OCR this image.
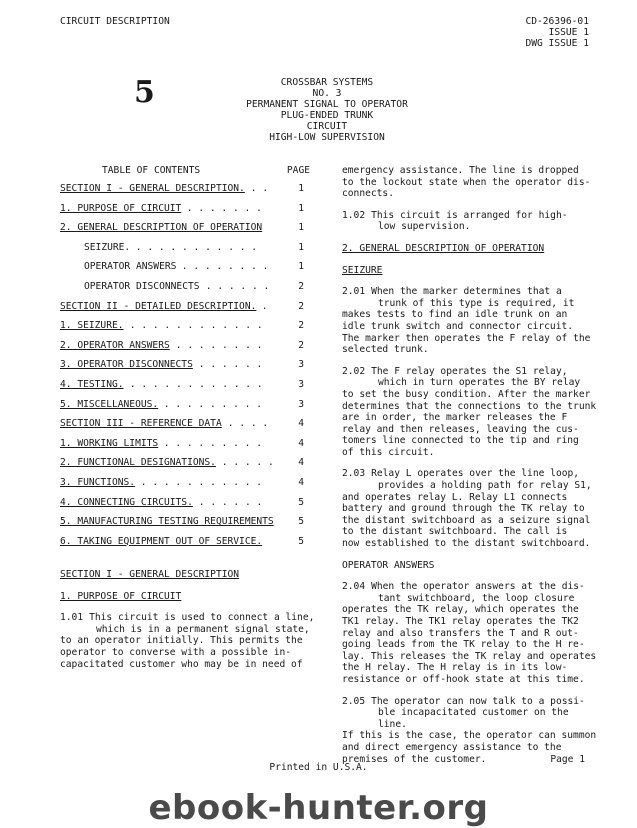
CIRCUIT DESCRIPTION	CD-26396-01
ISSUE 1
DWG ISSUE 1
5	CROSSBAR SYSTEMS
NO. 3
PERMANENT SIGNAL TO OPERATOR
PLUG-ENDED TRUNK
CIRCUIT
HIGH-LOW SUPERVISION
TABLE OF CONTENTS	PAGE
SECTION I - GENERAL DESCRIPTION. . .	1
1. PURPOSE OF CIRCUIT . . . . . . .	1
2. GENERAL DESCRIPTION OF OPERATION	1
SEIZURE. . . . . . . . . . . .	1
OPERATOR ANSWERS . . . . . . . .	1
OPERATOR DISCONNECTS . . . . . .	2
SECTION II - DETAILED DESCRIPTION. .	2
1. SEIZURE. . . . . . . . . . . . .	2
2. OPERATOR ANSWERS . . . . . . . .	2
3. OPERATOR DISCONNECTS . . . . . .	3
4. TESTING. . . . . . . . . . . . .	3
5. MISCELLANEOUS. . . . . . . . . .	3
SECTION III - REFERENCE DATA . . . .	4
1. WORKING LIMITS . . . . . . . . .	4
2. FUNCTIONAL DESIGNATIONS. . . . . .	4
3. FUNCTIONS. . . . . . . . . . . .	4
4. CONNECTING CIRCUITS. . . . . . .	5
5. MANUFACTURING TESTING REQUIREMENTS	5
6. TAKING EQUIPMENT OUT OF SERVICE.	5
SECTION I - GENERAL DESCRIPTION
1. PURPOSE OF CIRCUIT
1.01 This circuit is used to connect a line,
which is in a permanent signal state,
to an operator initially. This permits the
operator to converse with a possible in-
capacitated customer who may be in need of
emergency assistance. The line is dropped
to the lockout state when the operator dis-
connects.
1.02 This circuit is arranged for high-
low supervision.
2. GENERAL DESCRIPTION OF OPERATION
SEIZURE
2.01 When the marker determines that a
trunk of this type is required, it
makes tests to find an idle trunk on an
idle trunk switch and connector circuit.
The marker then operates the F relay of the
selected trunk.
2.02 The F relay operates the S1 relay,
which in turn operates the BY relay
to set the busy condition. After the marker
determines that the connections to the trunk
are in order, the marker releases the F
relay and then releases, leaving the cus-
tomers line connected to the tip and ring
of this circuit.
2.03 Relay L operates over the line loop,
provides a holding path for relay S1,
and operates relay L. Relay L1 connects
battery and ground through the TK relay to
the distant switchboard as a seizure signal
to the distant switchboard. The call is
now established to the distant switchboard.
OPERATOR ANSWERS
2.04 When the operator answers at the dis-
tant switchboard, the loop closure
operates the TK relay, which operates the
TK1 relay. The TK1 relay operates the TK2
relay and also transfers the T and R out-
going leads from the TK relay to the H re-
lay. This releases the TK relay and operates
the H relay. The H relay is in its low-
resistance or off-hook state at this time.
2.05 The operator can now talk to a possi-
ble incapacitated customer on the line.
If this is the case, the operator can summon
and direct emergency assistance to the
premises of the customer.	Page 1
Printed in U.S.A.
ebook-hunter.org
